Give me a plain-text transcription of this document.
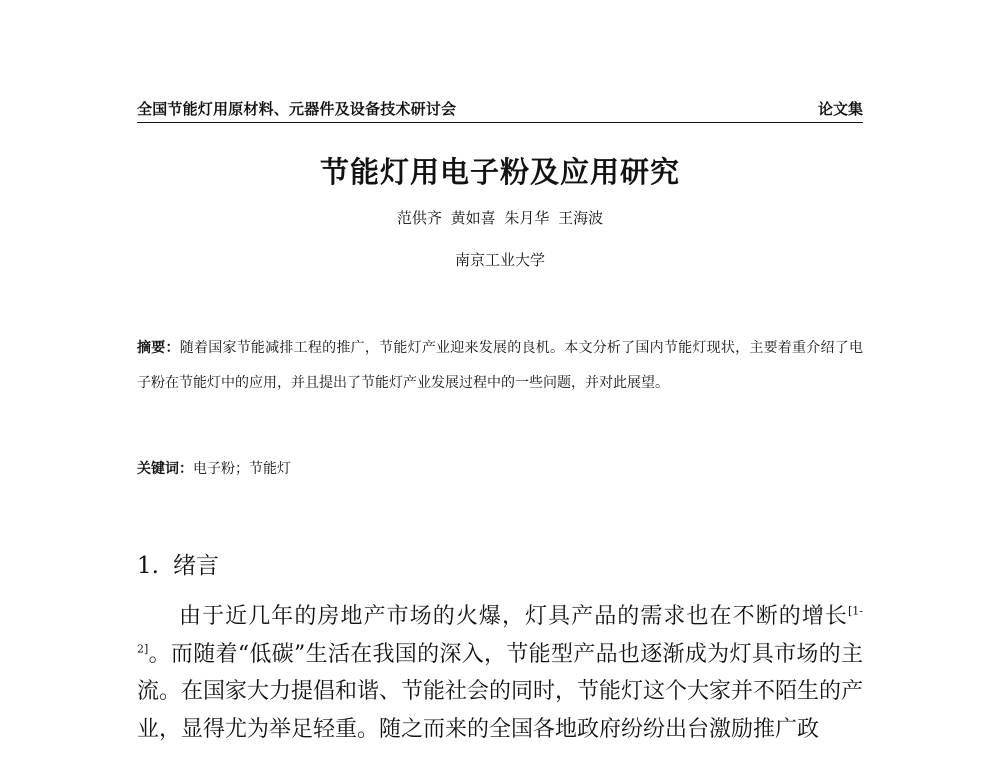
全国节能灯用原材料、元器件及设备技术研讨会	论文集
节能灯用电子粉及应用研究
范供齐 黄如喜 朱月华 王海波
南京工业大学
摘要：随着国家节能减排工程的推广，节能灯产业迎来发展的良机。本文分析了国内节能灯现状，主要着重介绍了电子粉在节能灯中的应用，并且提出了节能灯产业发展过程中的一些问题，并对此展望。
关键词：电子粉；节能灯
1. 绪言
由于近几年的房地产市场的火爆，灯具产品的需求也在不断的增长[1-2]。而随着“低碳”生活在我国的深入，节能型产品也逐渐成为灯具市场的主流。在国家大力提倡和谐、节能社会的同时，节能灯这个大家并不陌生的产业，显得尤为举足轻重。随之而来的全国各地政府纷纷出台激励推广政
